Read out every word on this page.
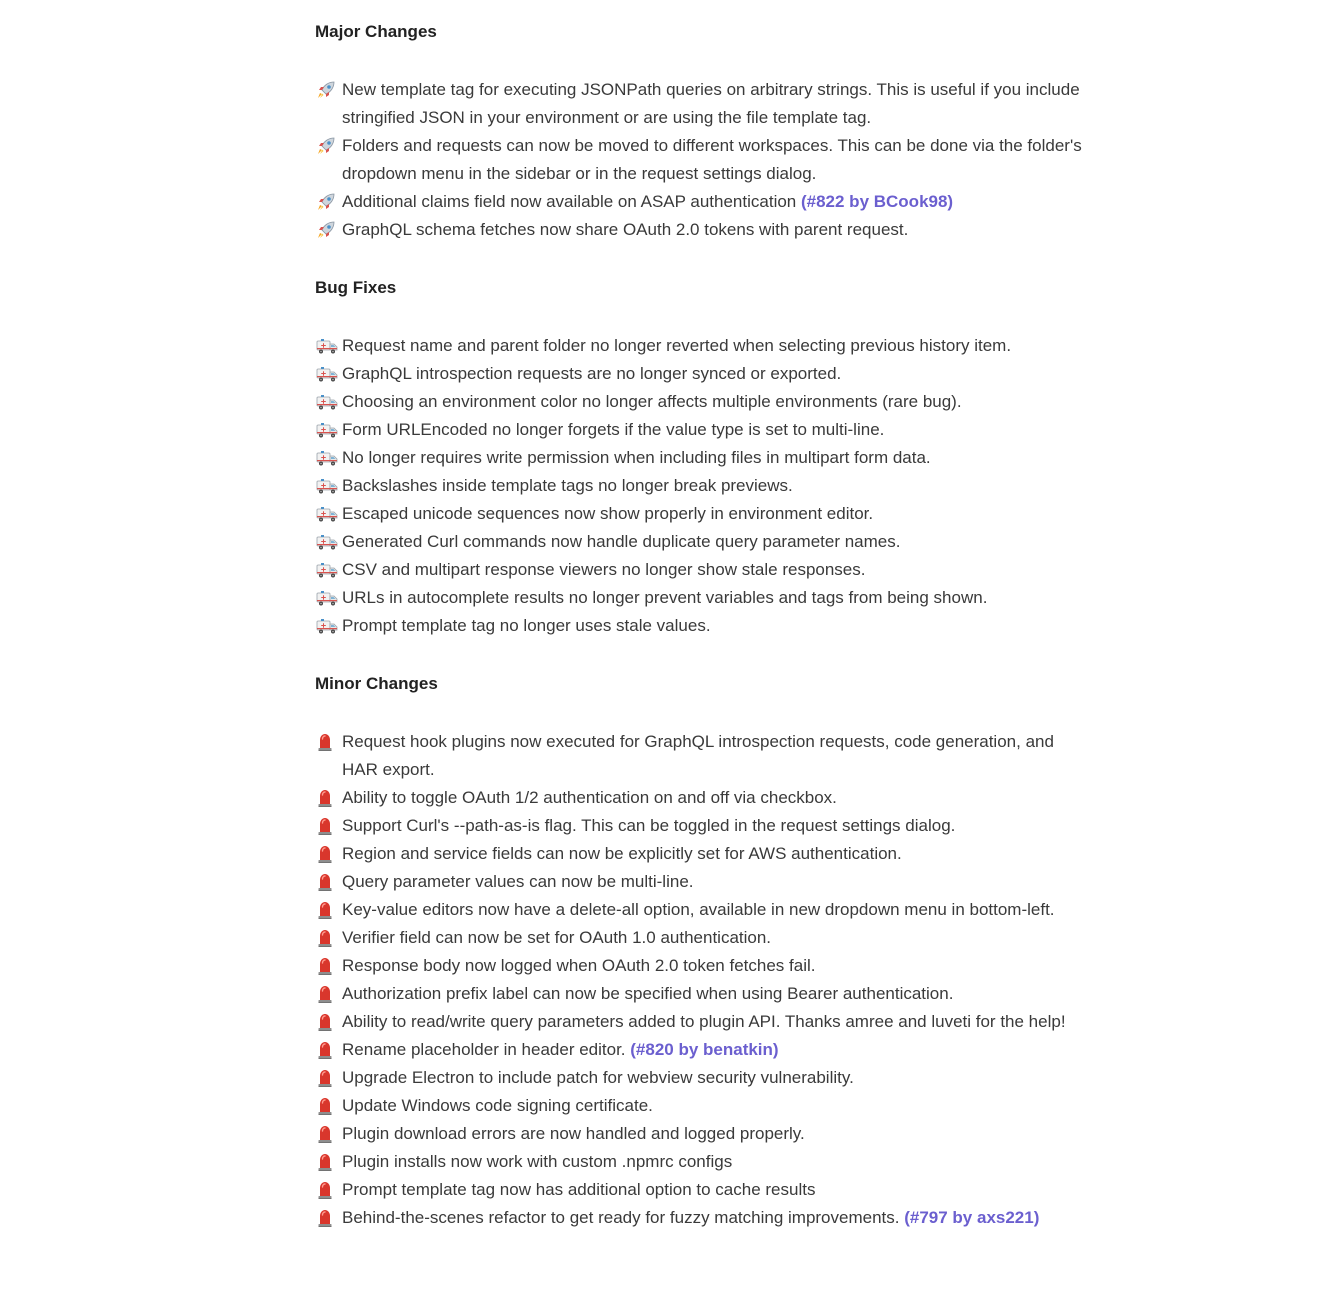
Major Changes
New template tag for executing JSONPath queries on arbitrary strings. This is useful if you include stringified JSON in your environment or are using the file template tag.
Folders and requests can now be moved to different workspaces. This can be done via the folder's dropdown menu in the sidebar or in the request settings dialog.
Additional claims field now available on ASAP authentication (#822 by BCook98)
GraphQL schema fetches now share OAuth 2.0 tokens with parent request.
Bug Fixes
Request name and parent folder no longer reverted when selecting previous history item.
GraphQL introspection requests are no longer synced or exported.
Choosing an environment color no longer affects multiple environments (rare bug).
Form URLEncoded no longer forgets if the value type is set to multi-line.
No longer requires write permission when including files in multipart form data.
Backslashes inside template tags no longer break previews.
Escaped unicode sequences now show properly in environment editor.
Generated Curl commands now handle duplicate query parameter names.
CSV and multipart response viewers no longer show stale responses.
URLs in autocomplete results no longer prevent variables and tags from being shown.
Prompt template tag no longer uses stale values.
Minor Changes
Request hook plugins now executed for GraphQL introspection requests, code generation, and HAR export.
Ability to toggle OAuth 1/2 authentication on and off via checkbox.
Support Curl's --path-as-is flag. This can be toggled in the request settings dialog.
Region and service fields can now be explicitly set for AWS authentication.
Query parameter values can now be multi-line.
Key-value editors now have a delete-all option, available in new dropdown menu in bottom-left.
Verifier field can now be set for OAuth 1.0 authentication.
Response body now logged when OAuth 2.0 token fetches fail.
Authorization prefix label can now be specified when using Bearer authentication.
Ability to read/write query parameters added to plugin API. Thanks amree and luveti for the help!
Rename placeholder in header editor. (#820 by benatkin)
Upgrade Electron to include patch for webview security vulnerability.
Update Windows code signing certificate.
Plugin download errors are now handled and logged properly.
Plugin installs now work with custom .npmrc configs
Prompt template tag now has additional option to cache results
Behind-the-scenes refactor to get ready for fuzzy matching improvements. (#797 by axs221)
